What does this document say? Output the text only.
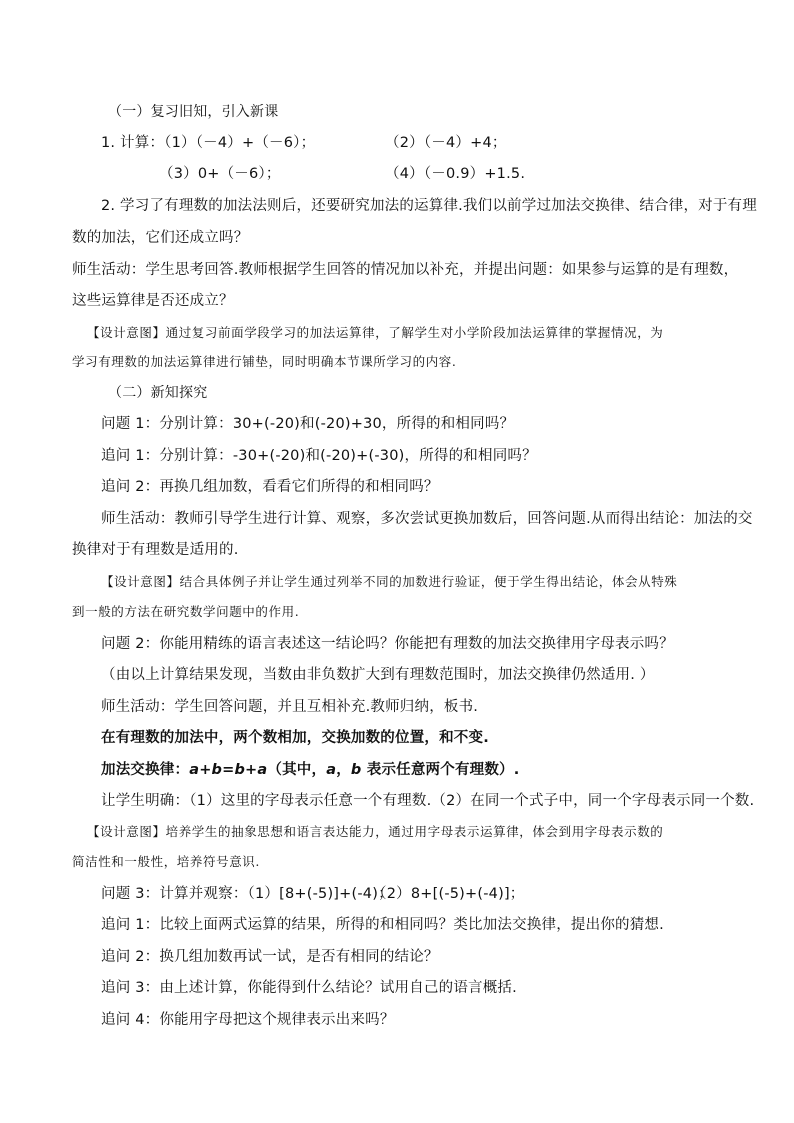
（一）复习旧知，引入新课
1. 计算：（1）（－4）+（－6）；	（2）（－4）+4；
（3）0+（－6）；	（4）（－0.9）+1.5.
2. 学习了有理数的加法法则后，还要研究加法的运算律.我们以前学过加法交换律、结合律，对于有理
数的加法，它们还成立吗？
师生活动：学生思考回答.教师根据学生回答的情况加以补充，并提出问题：如果参与运算的是有理数，
这些运算律是否还成立？
【设计意图】通过复习前面学段学习的加法运算律，了解学生对小学阶段加法运算律的掌握情况，为
学习有理数的加法运算律进行铺垫，同时明确本节课所学习的内容.
（二）新知探究
问题 1：分别计算：30+(-20)和(-20)+30，所得的和相同吗？
追问 1：分别计算：-30+(-20)和(-20)+(-30)，所得的和相同吗？
追问 2：再换几组加数，看看它们所得的和相同吗？
师生活动：教师引导学生进行计算、观察，多次尝试更换加数后，回答问题.从而得出结论：加法的交
换律对于有理数是适用的.
【设计意图】结合具体例子并让学生通过列举不同的加数进行验证，便于学生得出结论，体会从特殊
到一般的方法在研究数学问题中的作用.
问题 2：你能用精练的语言表述这一结论吗？你能把有理数的加法交换律用字母表示吗？
（由以上计算结果发现，当数由非负数扩大到有理数范围时，加法交换律仍然适用. ）
师生活动：学生回答问题，并且互相补充.教师归纳，板书.
在有理数的加法中，两个数相加，交换加数的位置，和不变.
加法交换律：a+b=b+a（其中，a，b 表示任意两个有理数）.
让学生明确：（1）这里的字母表示任意一个有理数.（2）在同一个式子中，同一个字母表示同一个数.
【设计意图】培养学生的抽象思想和语言表达能力，通过用字母表示运算律，体会到用字母表示数的
简洁性和一般性，培养符号意识.
问题 3：计算并观察：（1）[8+(-5)]+(-4)；
（2）8+[(-5)+(-4)]；
追问 1：比较上面两式运算的结果，所得的和相同吗？类比加法交换律，提出你的猜想.
追问 2：换几组加数再试一试，是否有相同的结论？
追问 3：由上述计算，你能得到什么结论？试用自己的语言概括.
追问 4：你能用字母把这个规律表示出来吗？
